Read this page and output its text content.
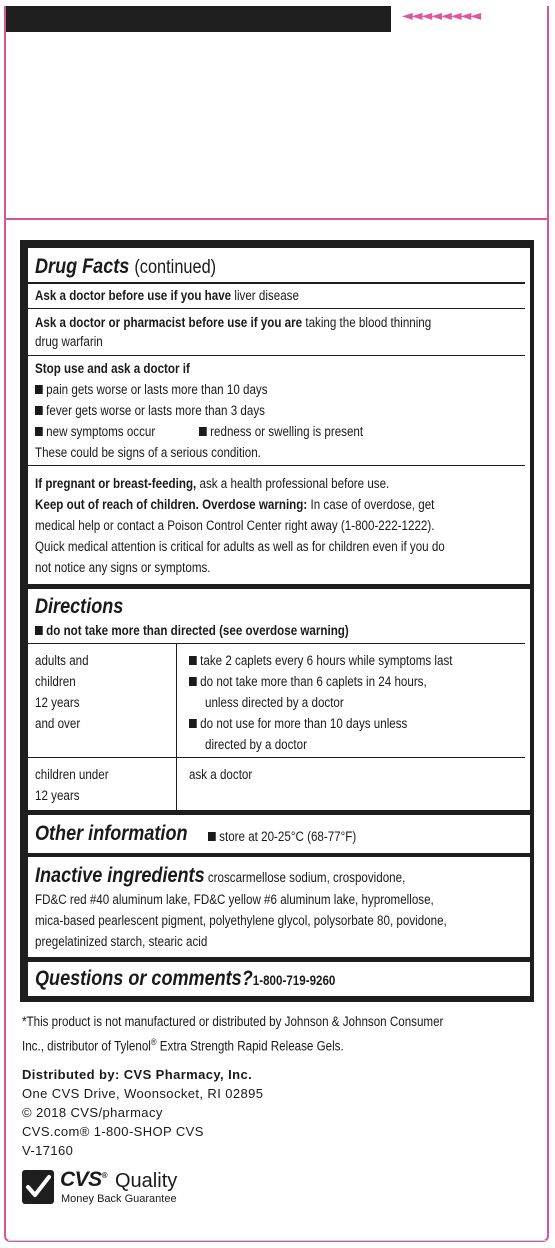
◄◄◄◄◄◄◄◄
Drug Facts (continued)
Ask a doctor before use if you have liver disease
Ask a doctor or pharmacist before use if you are taking the blood thinning
drug warfarin
Stop use and ask a doctor if
pain gets worse or lasts more than 10 days
fever gets worse or lasts more than 3 days
new symptoms occur	redness or swelling is present
These could be signs of a serious condition.
If pregnant or breast-feeding, ask a health professional before use.
Keep out of reach of children. Overdose warning: In case of overdose, get
medical help or contact a Poison Control Center right away (1-800-222-1222).
Quick medical attention is critical for adults as well as for children even if you do
not notice any signs or symptoms.
Directions
do not take more than directed (see overdose warning)
adults and
children
12 years
and over
take 2 caplets every 6 hours while symptoms last
do not take more than 6 caplets in 24 hours,
unless directed by a doctor
do not use for more than 10 days unless
directed by a doctor
children under
12 years
ask a doctor
Other information	store at 20-25°C (68-77°F)
Inactive ingredients croscarmellose sodium, crospovidone,
FD&C red #40 aluminum lake, FD&C yellow #6 aluminum lake, hypromellose,
mica-based pearlescent pigment, polyethylene glycol, polysorbate 80, povidone,
pregelatinized starch, stearic acid
Questions or comments?1-800-719-9260
*This product is not manufactured or distributed by Johnson & Johnson Consumer
Inc., distributor of Tylenol® Extra Strength Rapid Release Gels.
Distributed by: CVS Pharmacy, Inc.
One CVS Drive, Woonsocket, RI 02895
© 2018 CVS/pharmacy
CVS.com® 1-800-SHOP CVS
V-17160
CVS® Quality
Money Back Guarantee
